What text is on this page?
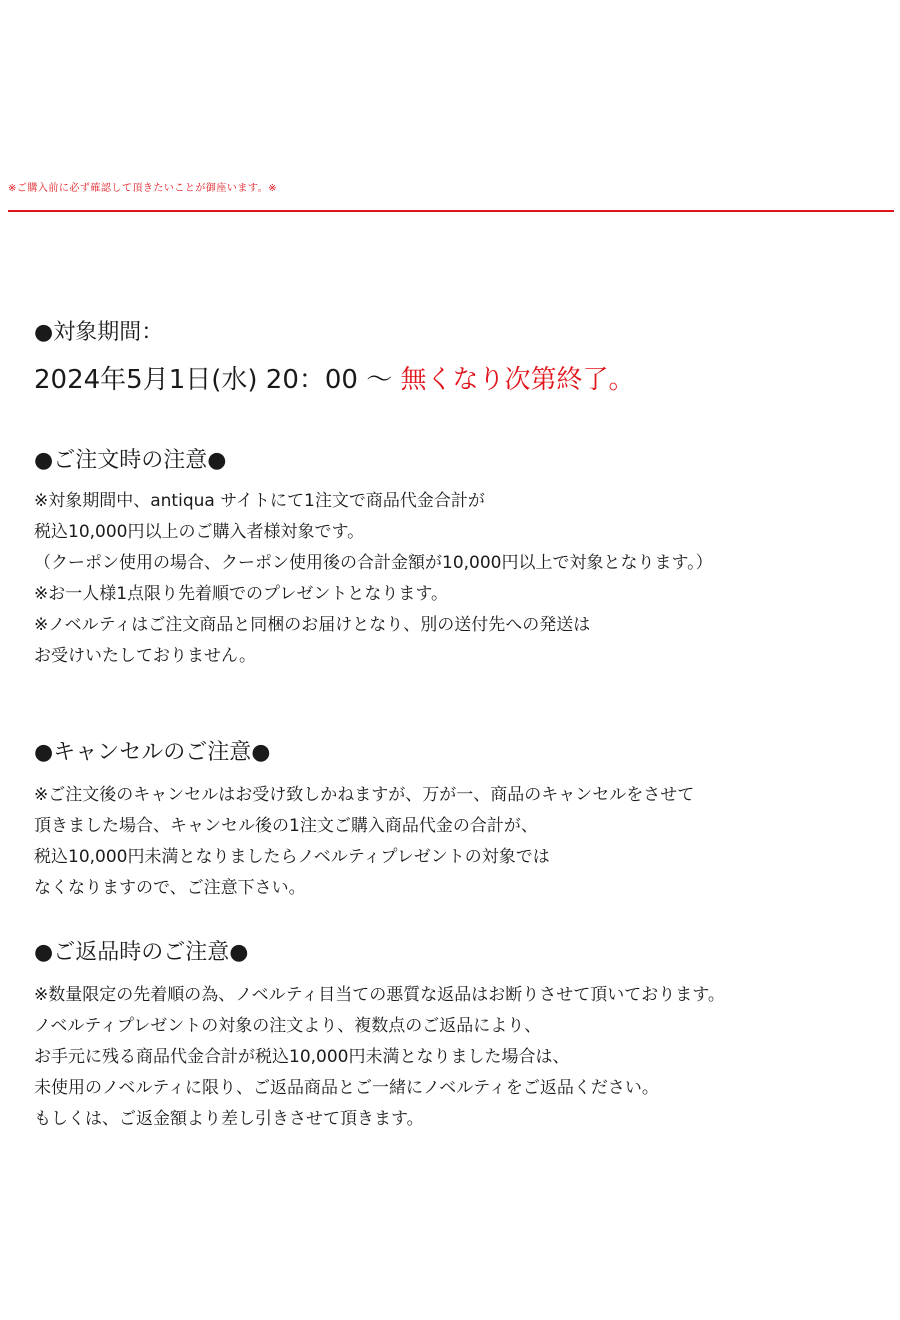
※ご購入前に必ず確認して頂きたいことが御座います。※
●対象期間：
2024年5月1日(水) 20：00 〜 無くなり次第終了。
●ご注文時の注意●
※対象期間中、antiqua サイトにて1注文で商品代金合計が
税込10,000円以上のご購入者様対象です。
（クーポン使用の場合、クーポン使用後の合計金額が10,000円以上で対象となります。）
※お一人様1点限り先着順でのプレゼントとなります。
※ノベルティはご注文商品と同梱のお届けとなり、別の送付先への発送は
お受けいたしておりません。
●キャンセルのご注意●
※ご注文後のキャンセルはお受け致しかねますが、万が一、商品のキャンセルをさせて
頂きました場合、キャンセル後の1注文ご購入商品代金の合計が、
税込10,000円未満となりましたらノベルティプレゼントの対象では
なくなりますので、ご注意下さい。
●ご返品時のご注意●
※数量限定の先着順の為、ノベルティ目当ての悪質な返品はお断りさせて頂いております。
ノベルティプレゼントの対象の注文より、複数点のご返品により、
お手元に残る商品代金合計が税込10,000円未満となりました場合は、
未使用のノベルティに限り、ご返品商品とご一緒にノベルティをご返品ください。
もしくは、ご返金額より差し引きさせて頂きます。
